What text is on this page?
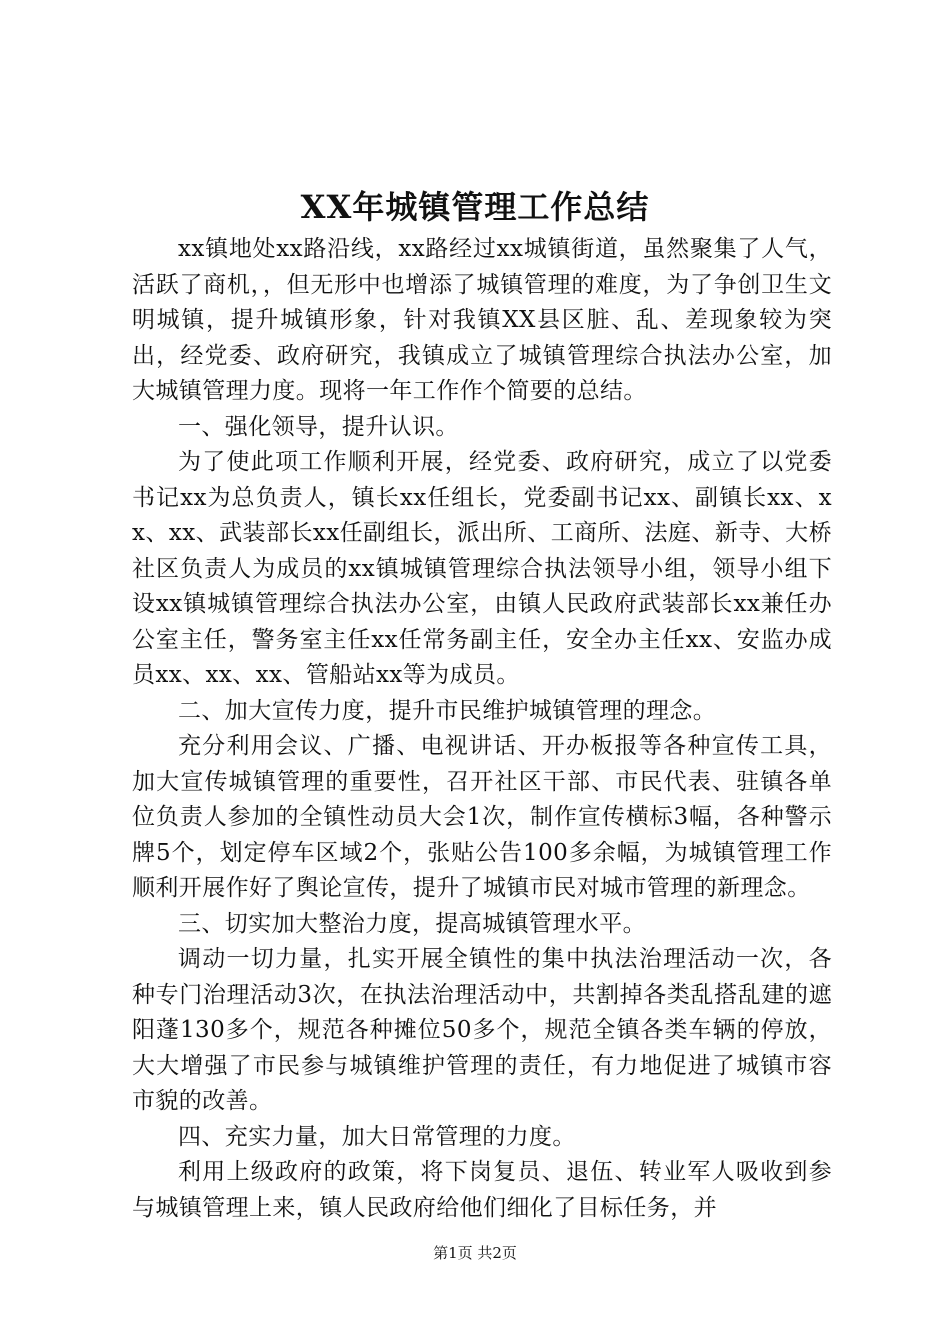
XX年城镇管理工作总结

xx镇地处xx路沿线，xx路经过xx城镇街道，虽然聚集了人气，活跃了商机，，但无形中也增添了城镇管理的难度，为了争创卫生文明城镇，提升城镇形象，针对我镇XX县区脏、乱、差现象较为突出，经党委、政府研究，我镇成立了城镇管理综合执法办公室，加大城镇管理力度。现将一年工作作个简要的总结。

一、强化领导，提升认识。

为了使此项工作顺利开展，经党委、政府研究，成立了以党委书记xx为总负责人，镇长xx任组长，党委副书记xx、副镇长xx、xx、xx、武装部长xx任副组长，派出所、工商所、法庭、新寺、大桥社区负责人为成员的xx镇城镇管理综合执法领导小组，领导小组下设xx镇城镇管理综合执法办公室，由镇人民政府武装部长xx兼任办公室主任，警务室主任xx任常务副主任，安全办主任xx、安监办成员xx、xx、xx、管船站xx等为成员。

二、加大宣传力度，提升市民维护城镇管理的理念。

充分利用会议、广播、电视讲话、开办板报等各种宣传工具，加大宣传城镇管理的重要性，召开社区干部、市民代表、驻镇各单位负责人参加的全镇性动员大会1次，制作宣传横标3幅，各种警示牌5个，划定停车区域2个，张贴公告100多余幅，为城镇管理工作顺利开展作好了舆论宣传，提升了城镇市民对城市管理的新理念。

三、切实加大整治力度，提高城镇管理水平。

调动一切力量，扎实开展全镇性的集中执法治理活动一次，各种专门治理活动3次，在执法治理活动中，共割掉各类乱搭乱建的遮阳蓬130多个，规范各种摊位50多个，规范全镇各类车辆的停放，大大增强了市民参与城镇维护管理的责任，有力地促进了城镇市容市貌的改善。

四、充实力量，加大日常管理的力度。

利用上级政府的政策，将下岗复员、退伍、转业军人吸收到参与城镇管理上来，镇人民政府给他们细化了目标任务，并

第1页 共2页
